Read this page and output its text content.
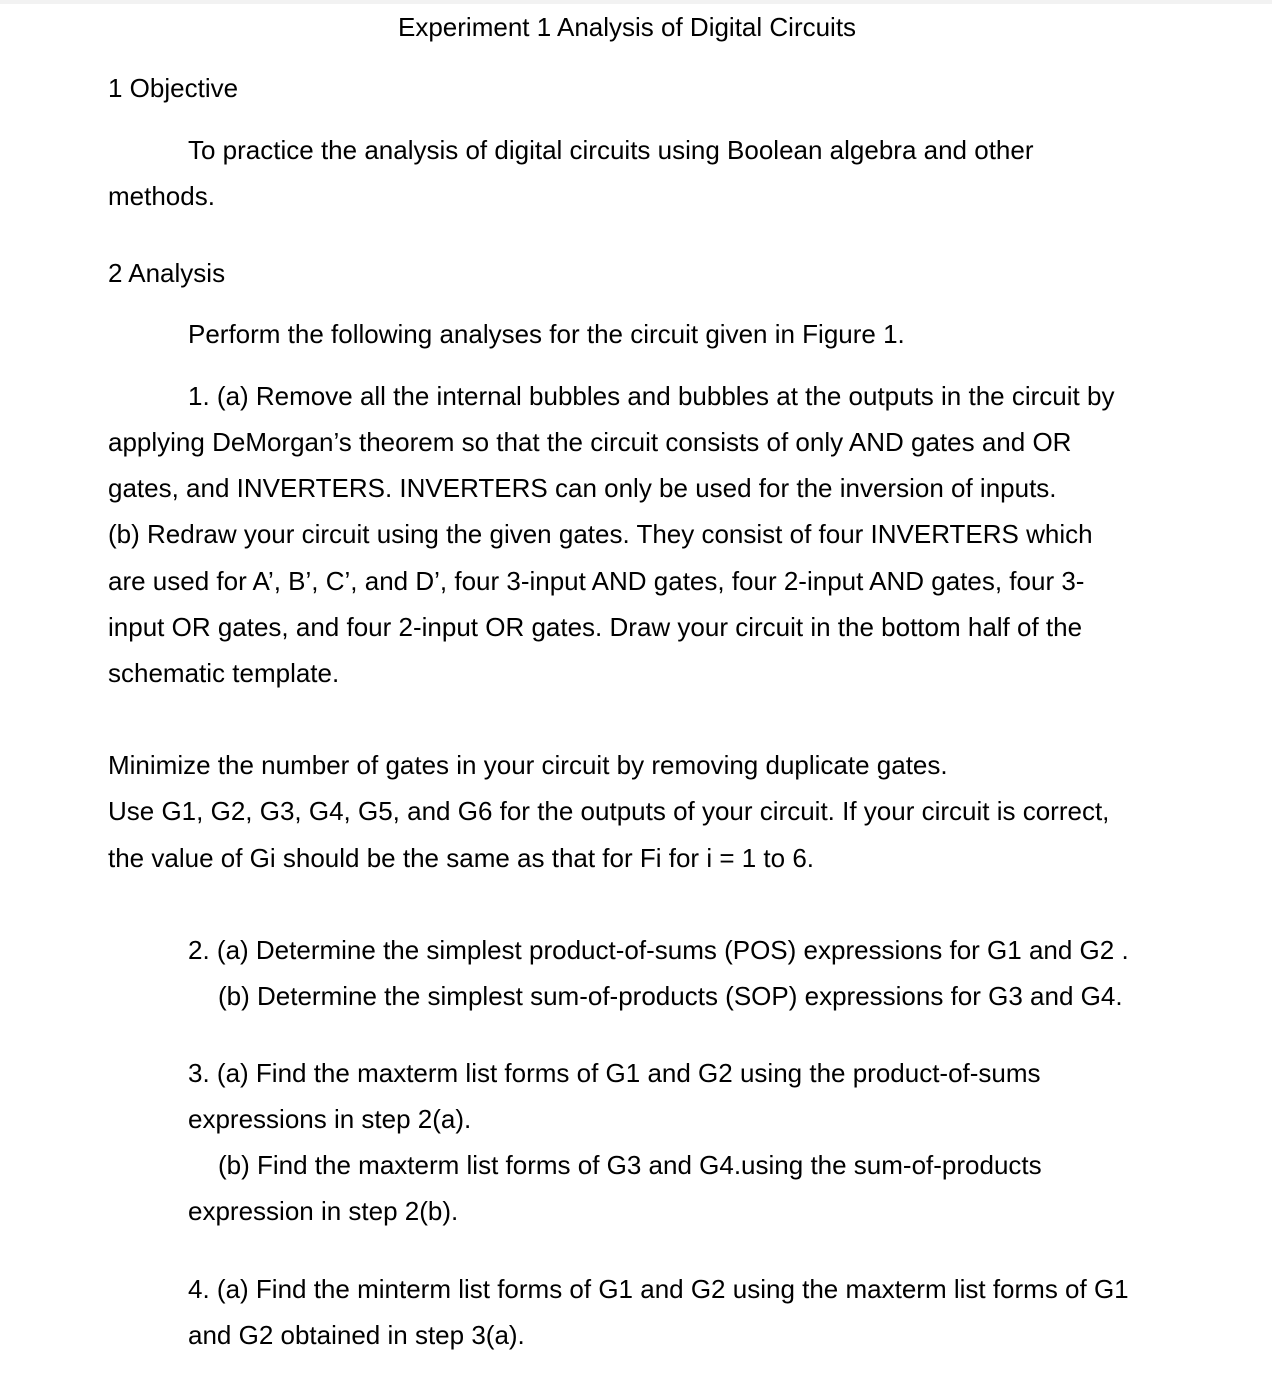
Experiment 1 Analysis of Digital Circuits
1 Objective
To practice the analysis of digital circuits using Boolean algebra and other
methods.
2 Analysis
Perform the following analyses for the circuit given in Figure 1.
1. (a) Remove all the internal bubbles and bubbles at the outputs in the circuit by
applying DeMorgan’s theorem so that the circuit consists of only AND gates and OR
gates, and INVERTERS. INVERTERS can only be used for the inversion of inputs.
(b) Redraw your circuit using the given gates. They consist of four INVERTERS which
are used for A’, B’, C’, and D’, four 3-input AND gates, four 2-input AND gates, four 3-
input OR gates, and four 2-input OR gates. Draw your circuit in the bottom half of the
schematic template.
Minimize the number of gates in your circuit by removing duplicate gates.
Use G1, G2, G3, G4, G5, and G6 for the outputs of your circuit. If your circuit is correct,
the value of Gi should be the same as that for Fi for i = 1 to 6.
2. (a) Determine the simplest product-of-sums (POS) expressions for G1 and G2 .
(b) Determine the simplest sum-of-products (SOP) expressions for G3 and G4.
3. (a) Find the maxterm list forms of G1 and G2 using the product-of-sums
expressions in step 2(a).
(b) Find the maxterm list forms of G3 and G4.using the sum-of-products
expression in step 2(b).
4. (a) Find the minterm list forms of G1 and G2 using the maxterm list forms of G1
and G2 obtained in step 3(a).
